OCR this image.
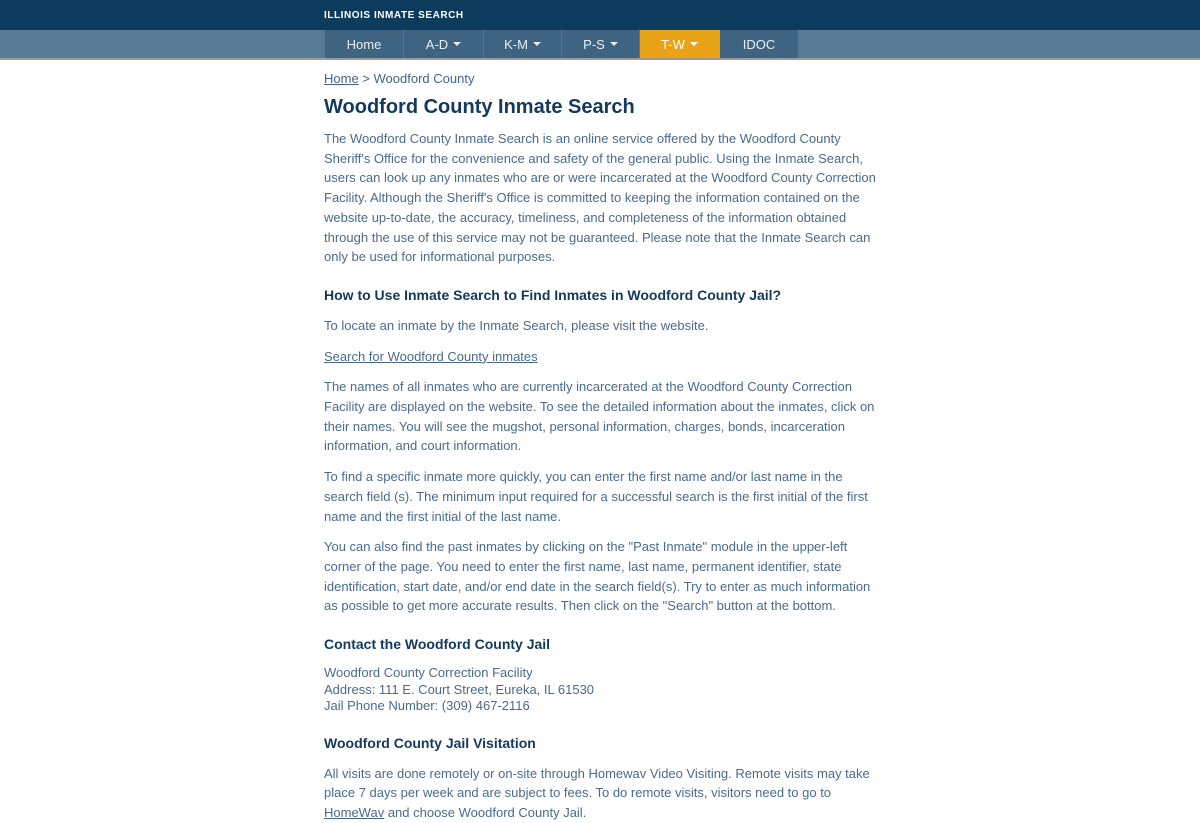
ILLINOIS INMATE SEARCH
Home	A-D	K-M	P-S	T-W	IDOC
Home > Woodford County
Woodford County Inmate Search

The Woodford County Inmate Search is an online service offered by the Woodford County Sheriff's Office for the convenience and safety of the general public. Using the Inmate Search, users can look up any inmates who are or were incarcerated at the Woodford County Correction Facility. Although the Sheriff's Office is committed to keeping the information contained on the website up-to-date, the accuracy, timeliness, and completeness of the information obtained through the use of this service may not be guaranteed. Please note that the Inmate Search can only be used for informational purposes.

How to Use Inmate Search to Find Inmates in Woodford County Jail?

To locate an inmate by the Inmate Search, please visit the website.

Search for Woodford County inmates

The names of all inmates who are currently incarcerated at the Woodford County Correction Facility are displayed on the website. To see the detailed information about the inmates, click on their names. You will see the mugshot, personal information, charges, bonds, incarceration information, and court information.

To find a specific inmate more quickly, you can enter the first name and/or last name in the search field (s). The minimum input required for a successful search is the first initial of the first name and the first initial of the last name.

You can also find the past inmates by clicking on the "Past Inmate" module in the upper-left corner of the page. You need to enter the first name, last name, permanent identifier, state identification, start date, and/or end date in the search field(s). Try to enter as much information as possible to get more accurate results. Then click on the "Search" button at the bottom.

Contact the Woodford County Jail
Woodford County Correction Facility
Address: 111 E. Court Street, Eureka, IL 61530
Jail Phone Number: (309) 467-2116
Woodford County Jail Visitation

All visits are done remotely or on-site through Homewav Video Visiting. Remote visits may take place 7 days per week and are subject to fees. To do remote visits, visitors need to go to HomeWav and choose Woodford County Jail.
